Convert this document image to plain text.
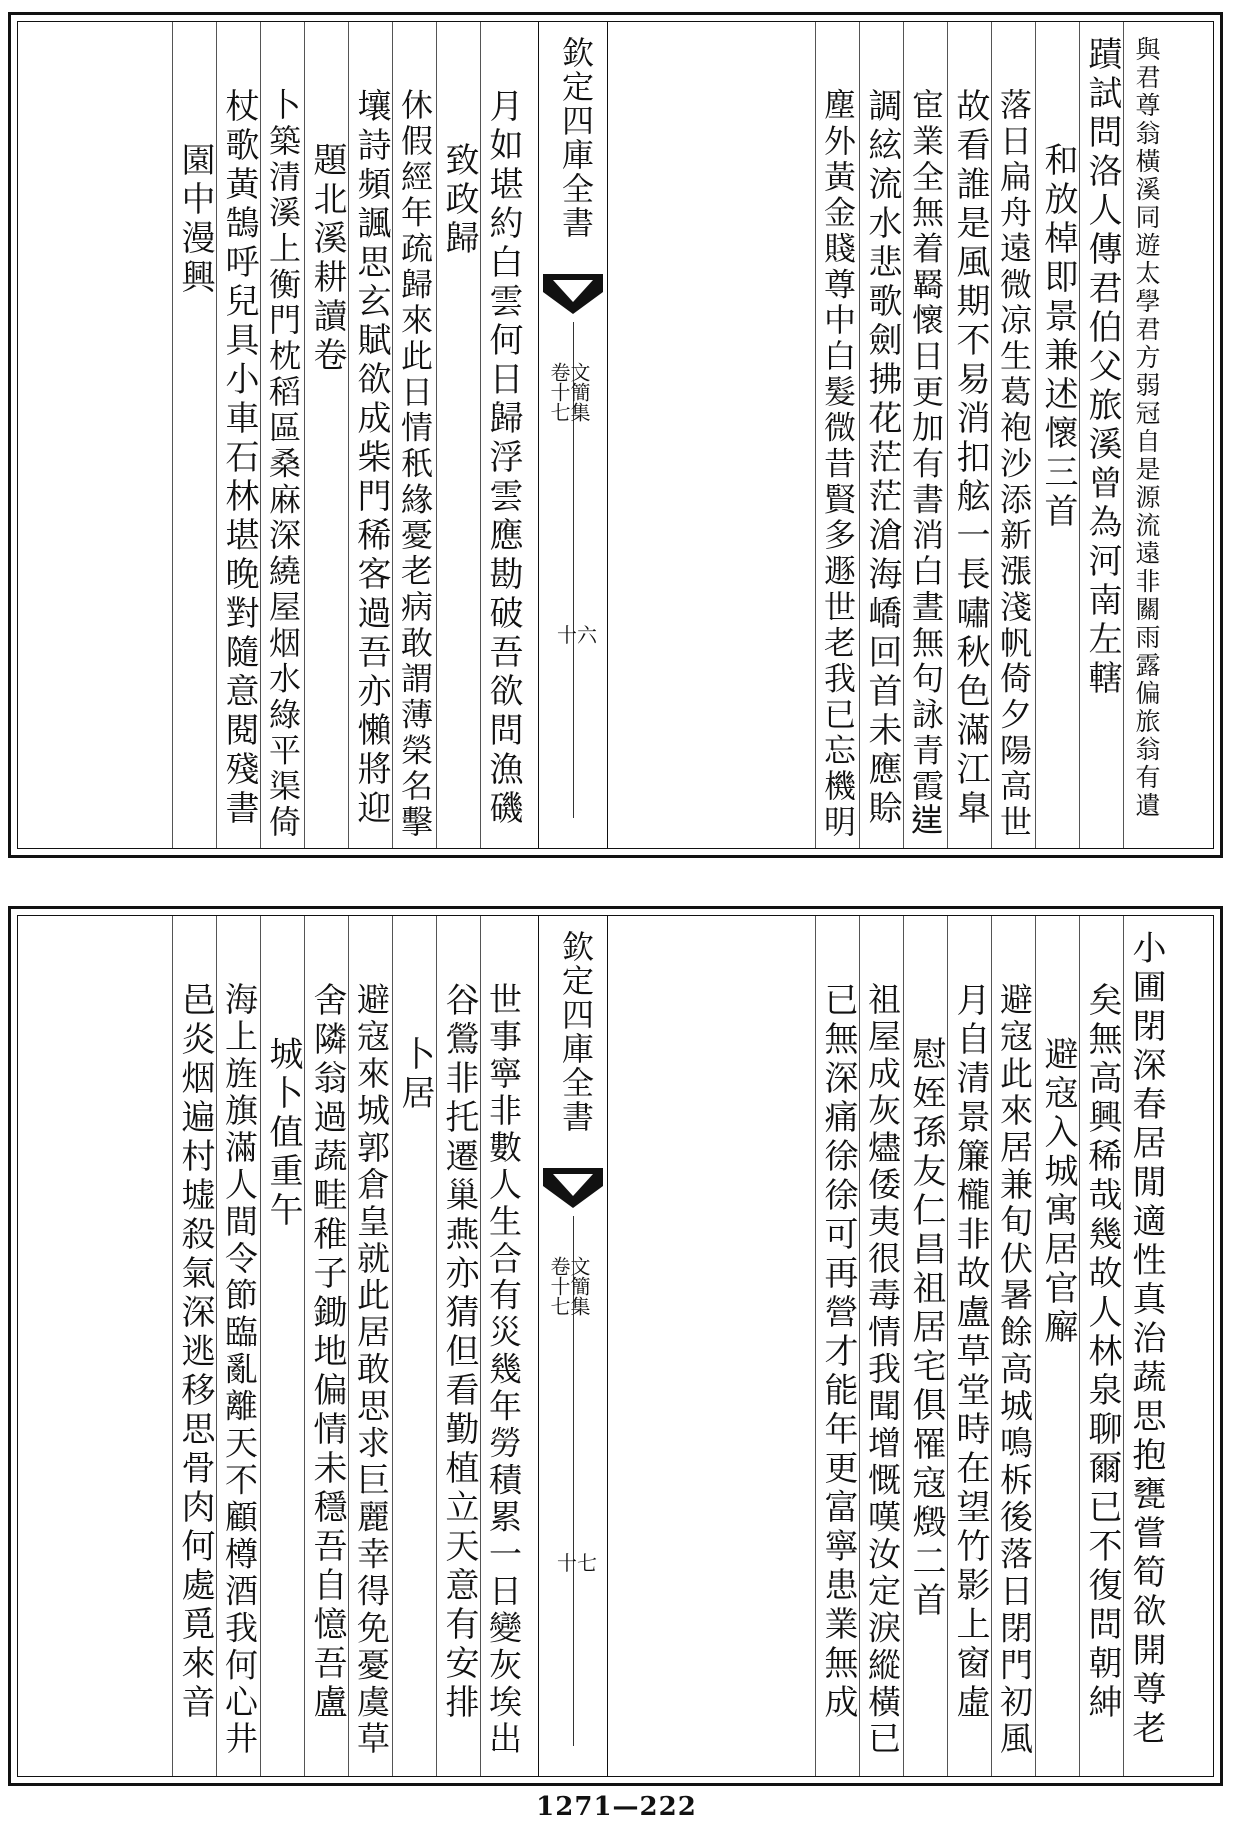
與君尊翁橫溪同遊太學君方弱冠自是源流遠非關雨露偏旅翁有遺
蹟試問洛人傳君伯父旅溪曾為河南左轄
和放棹即景兼述懷三首
落日扁舟遠微凉生葛袍沙添新漲淺帆倚夕陽高世
故看誰是風期不易消扣舷一長嘯秋色滿江臯
宦業全無着羇懷日更加有書消白晝無句詠青霞𨓏
調絃流水悲歌劍拂花茫茫滄海嶠回首未應賒
塵外黃金賤尊中白髮微昔賢多遯世老我已忘機明
欽定四庫全書
文簡集
卷十七
十六
月如堪約白雲何日歸浮雲應勘破吾欲問漁磯
致政歸
休假經年疏歸來此日情秖緣憂老病敢謂薄榮名擊
壤詩頻諷思玄賦欲成柴門稀客過吾亦懶將迎
題北溪耕讀卷
卜築清溪上衡門枕稻區桑麻深繞屋烟水綠平渠倚
杖歌黃鵠呼兒具小車石林堪晚對隨意閱殘書
園中漫興
小圃閉深春居閒適性真治蔬思抱甕嘗筍欲開尊老
矣無高興稀哉幾故人林泉聊爾已不復問朝紳
避寇入城寓居官廨
避寇此來居兼旬伏暑餘高城鳴柝後落日閉門初風
月自清景簾櫳非故盧草堂時在望竹影上窗虛
慰姪孫友仁昌祖居宅俱罹寇燬二首
祖屋成灰燼倭夷很毒情我聞增慨嘆汝定淚縱橫已
已無深痛徐徐可再營才能年更富寧患業無成
欽定四庫全書
文簡集
卷十七
十七
世事寧非數人生合有災幾年勞積累一日變灰埃出
谷鶯非托遷巢燕亦猜但看勤植立天意有安排
卜居
避寇來城郭倉皇就此居敢思求巨麗幸得免憂虞草
舍隣翁過蔬畦稚子鋤地偏情未穩吾自憶吾盧
城卜值重午
海上旌旗滿人間令節臨亂離天不顧樽酒我何心井
邑炎烟遍村墟殺氣深逃移思骨肉何處覓來音
1271—222
